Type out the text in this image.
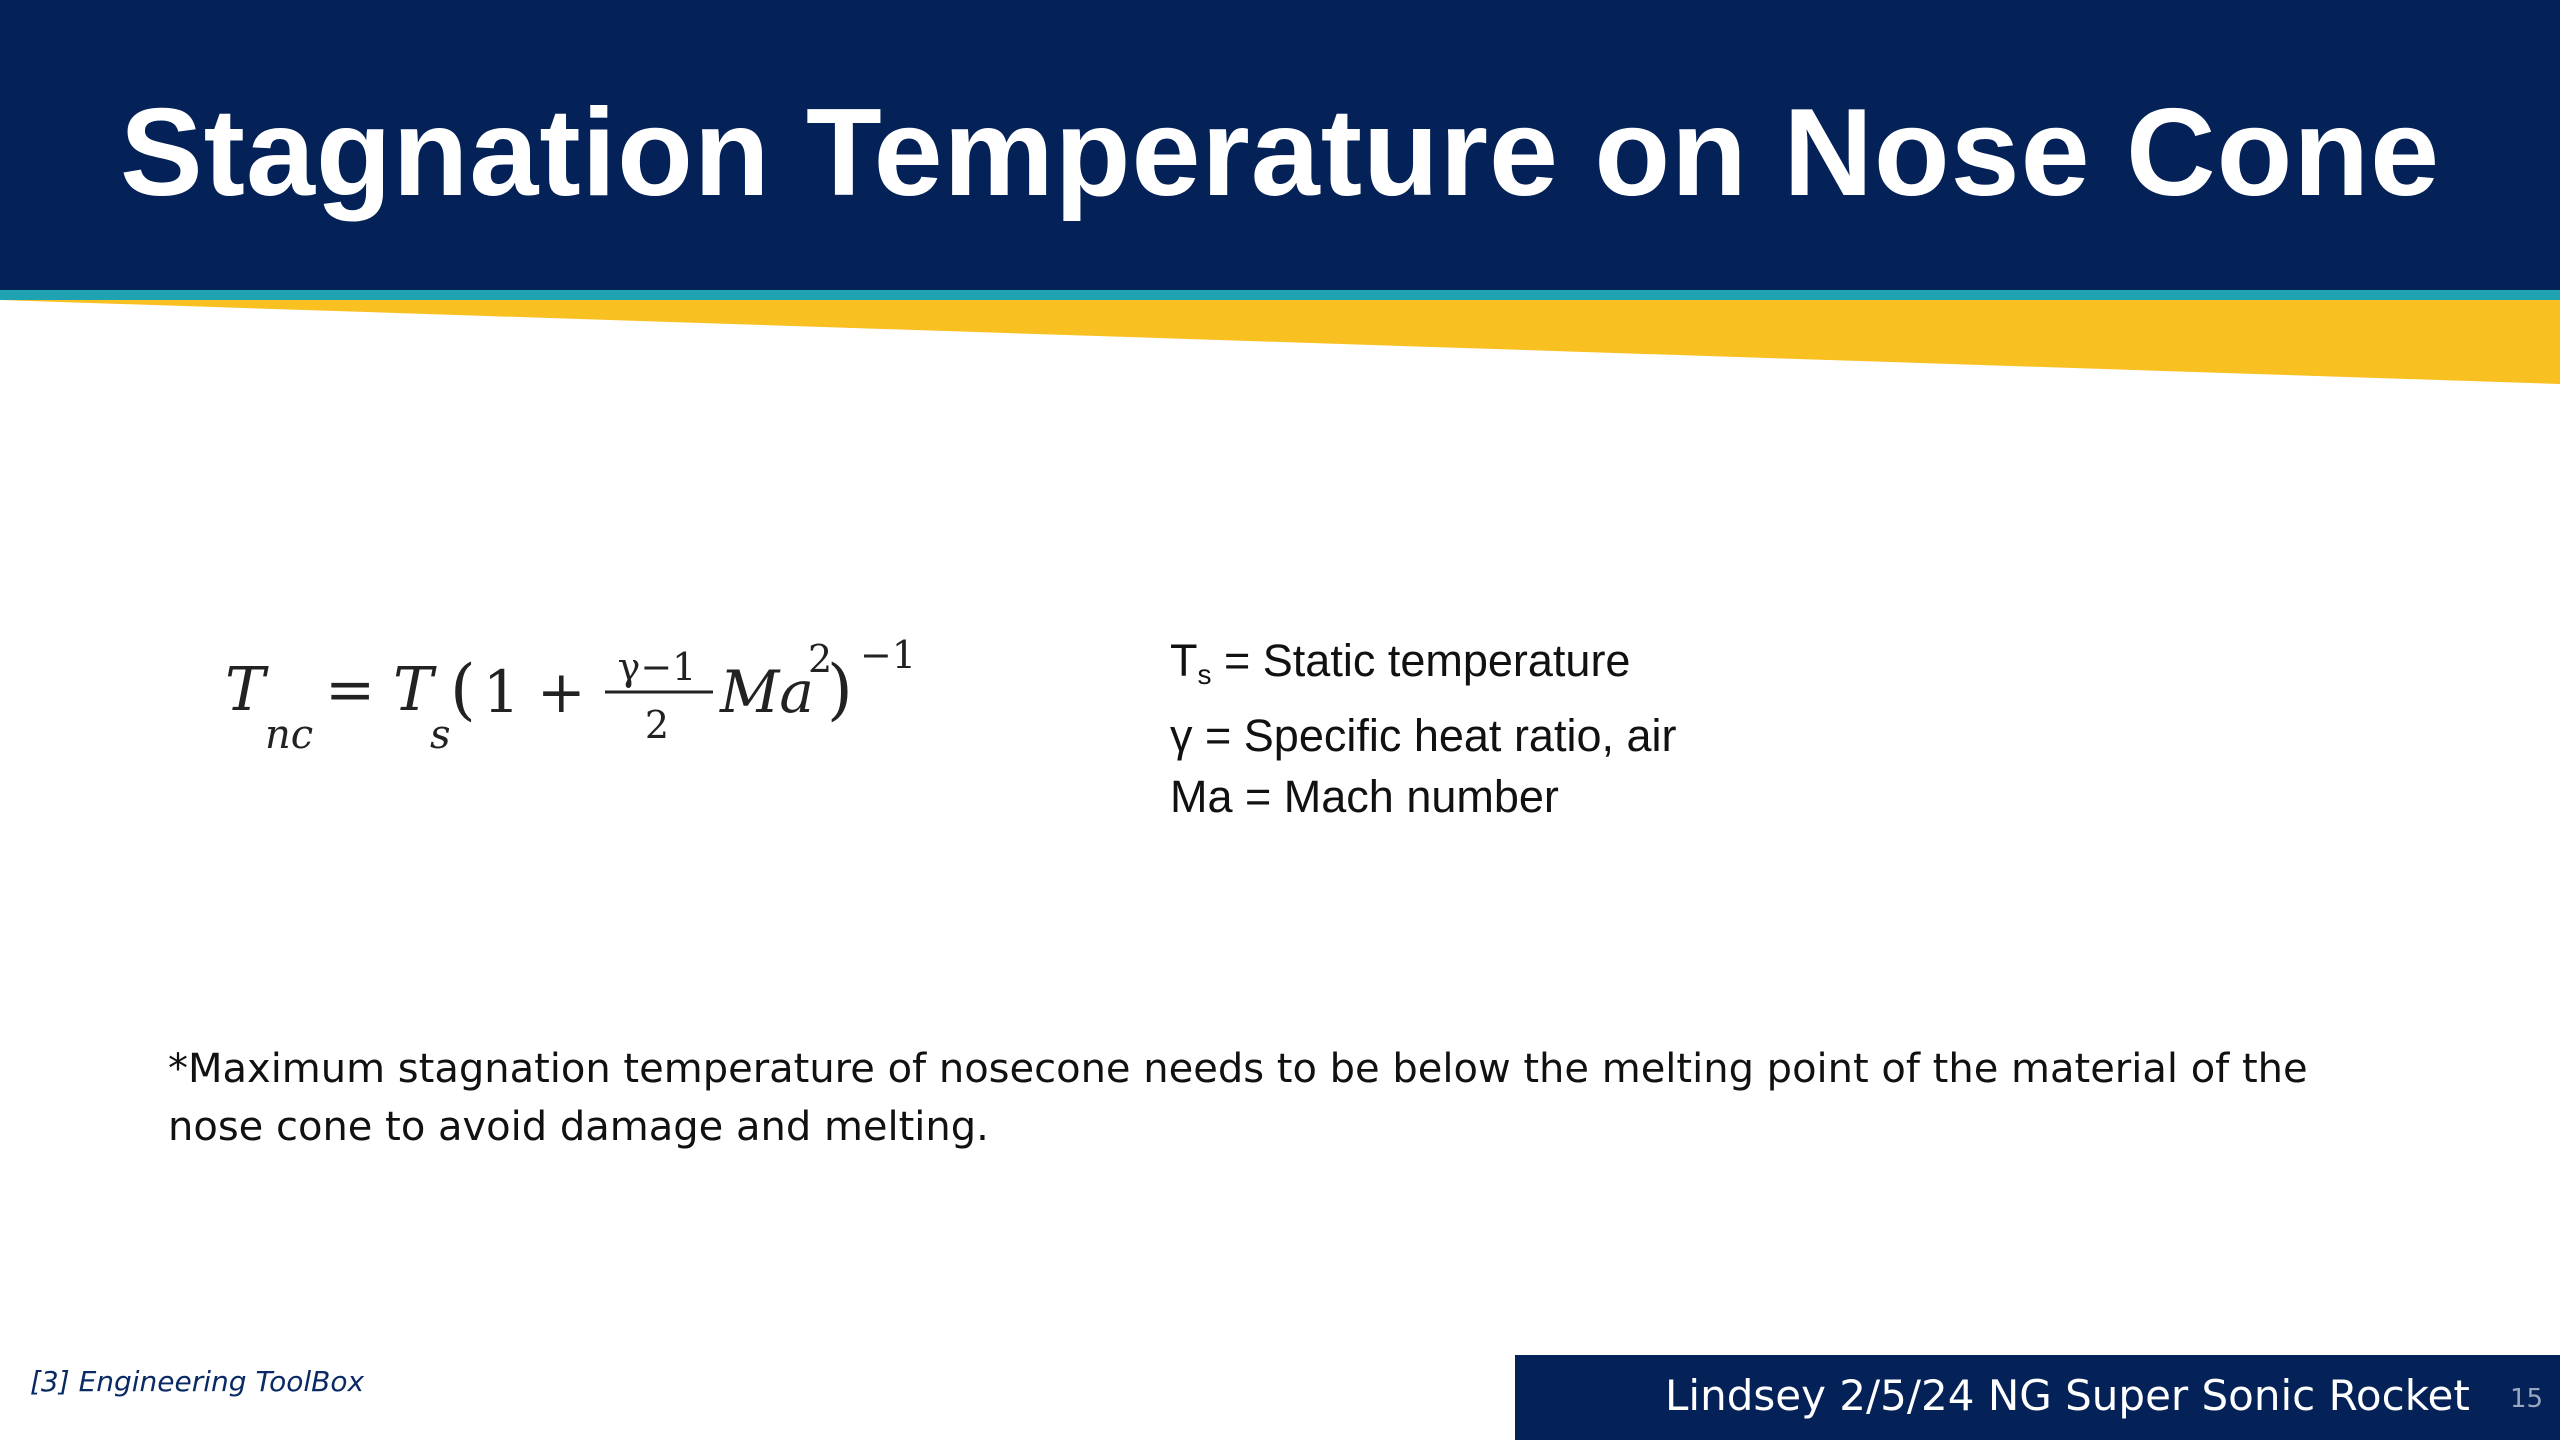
Stagnation Temperature on Nose Cone
T
nc
= T
s
( 1 + γ−1
2 Ma
2
) −1	$T_s$ = Static temperature
γ = Specific heat ratio, air
Ma = Mach number
*Maximum stagnation temperature of nosecone needs to be below the melting point of the material of the nose cone to avoid damage and melting.
[3] Engineering ToolBox	Lindsey 2/5/24 NG Super Sonic Rocket 15
